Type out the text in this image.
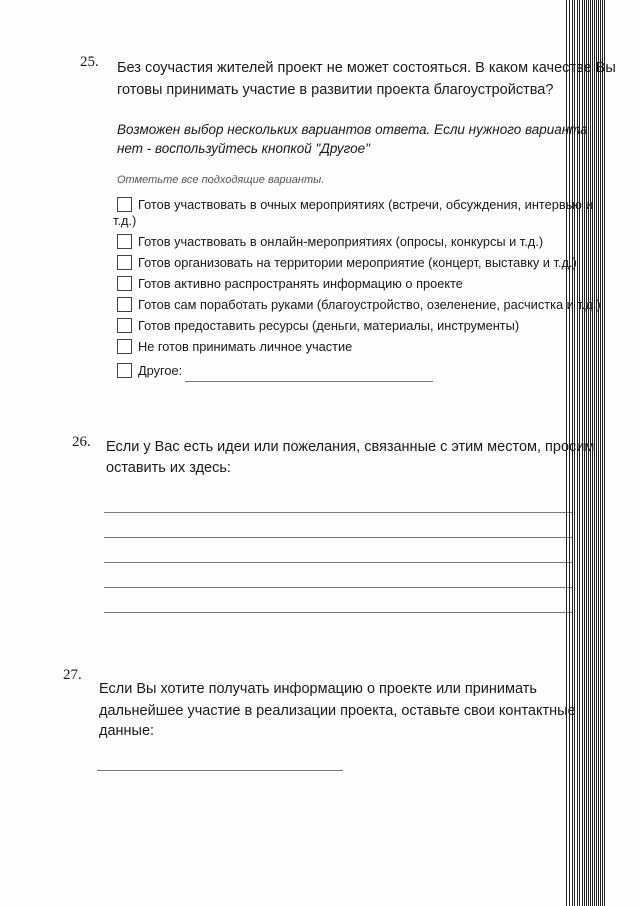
25. Без соучастия жителей проект не может состояться. В каком качестве Вы
готовы принимать участие в развитии проекта благоустройства?
Возможен выбор нескольких вариантов ответа. Если нужного варианта
нет - воспользуйтесь кнопкой "Другое"
Отметьте все подходящие варианты.
Готов участвовать в очных мероприятиях (встречи, обсуждения, интервью и
т.д.)
Готов участвовать в онлайн-мероприятиях (опросы, конкурсы и т.д.)
Готов организовать на территории мероприятие (концерт, выставку и т.д.)
Готов активно распространять информацию о проекте
Готов сам поработать руками (благоустройство, озеленение, расчистка и т.д.)
Готов предоставить ресурсы (деньги, материалы, инструменты)
Не готов принимать личное участие
Другое:
26. Если у Вас есть идеи или пожелания, связанные с этим местом, просим
оставить их здесь:
27.
Если Вы хотите получать информацию о проекте или принимать
дальнейшее участие в реализации проекта, оставьте свои контактные
данные:
